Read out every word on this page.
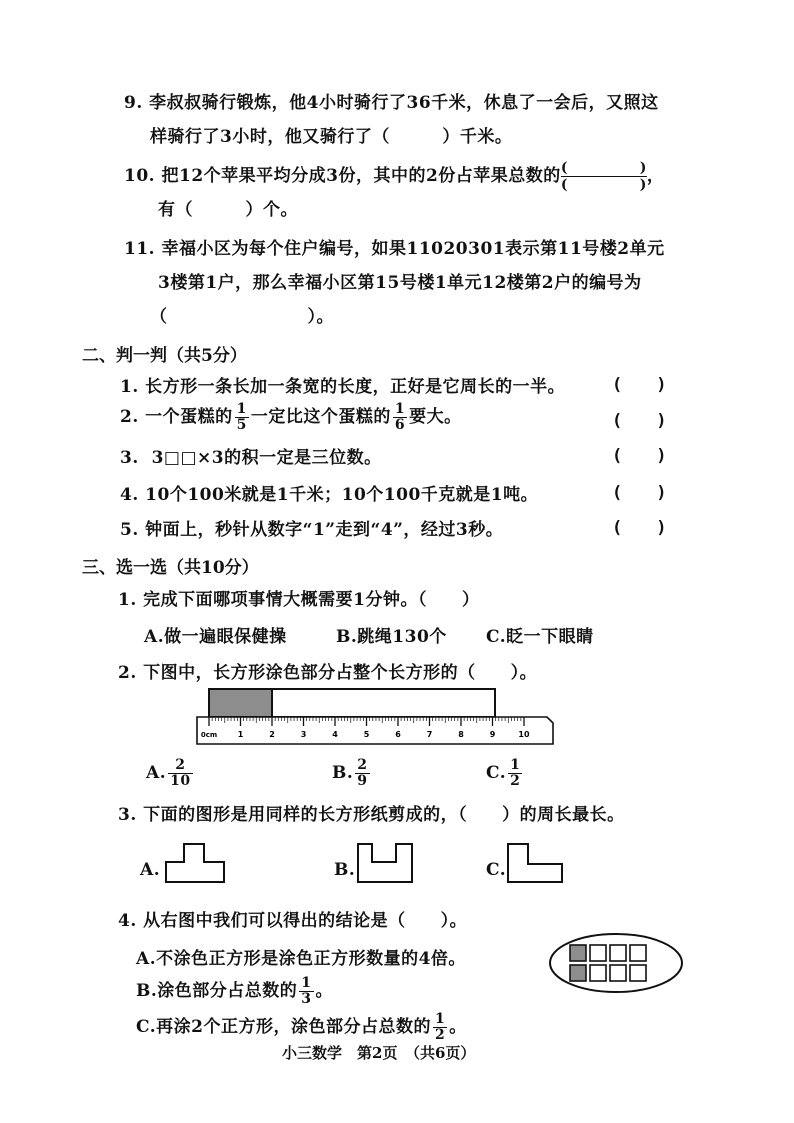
9. 李叔叔骑行锻炼，他4小时骑行了36千米，休息了一会后，又照这
样骑行了3小时，他又骑行了（　　　）千米。
10. 把12个苹果平均分成3份，其中的2份占苹果总数的 (	)
(	) ，
有（　　　）个。
11. 幸福小区为每个住户编号，如果11020301表示第11号楼2单元
3楼第1户，那么幸福小区第15号楼1单元12楼第2户的编号为
（　　　　　　　　）。
二、判一判（共5分）
1. 长方形一条长加一条宽的长度，正好是它周长的一半。	(　　)
2. 一个蛋糕的 $\frac{1}{5}$ 一定比这个蛋糕的 $\frac{1}{6}$ 要大。	(　　)
3. 3□□×3的积一定是三位数。	(　　)
4. 10个100米就是1千米；10个100千克就是1吨。	(　　)
5. 钟面上，秒针从数字“1”走到“4”，经过3秒。	(　　)
三、选一选（共10分）
1. 完成下面哪项事情大概需要1分钟。（　　）
A.做一遍眼保健操	B.跳绳130个 C.眨一下眼睛
2. 下图中，长方形涂色部分占整个长方形的（　　）。
0cm	1	2	3	4	5	6	7	8	9	10
A. $\frac{2}{10}$	B. $\frac{2}{9}$	C. $\frac{1}{2}$
3. 下面的图形是用同样的长方形纸剪成的，（　　）的周长最长。
A.	B.	C.
4. 从右图中我们可以得出的结论是（　　）。
A.不涂色正方形是涂色正方形数量的4倍。
B.涂色部分占总数的 $\frac{1}{3}$ 。
C.再涂2个正方形，涂色部分占总数的 $\frac{1}{2}$ 。
小三数学　第2页　（共6页）
